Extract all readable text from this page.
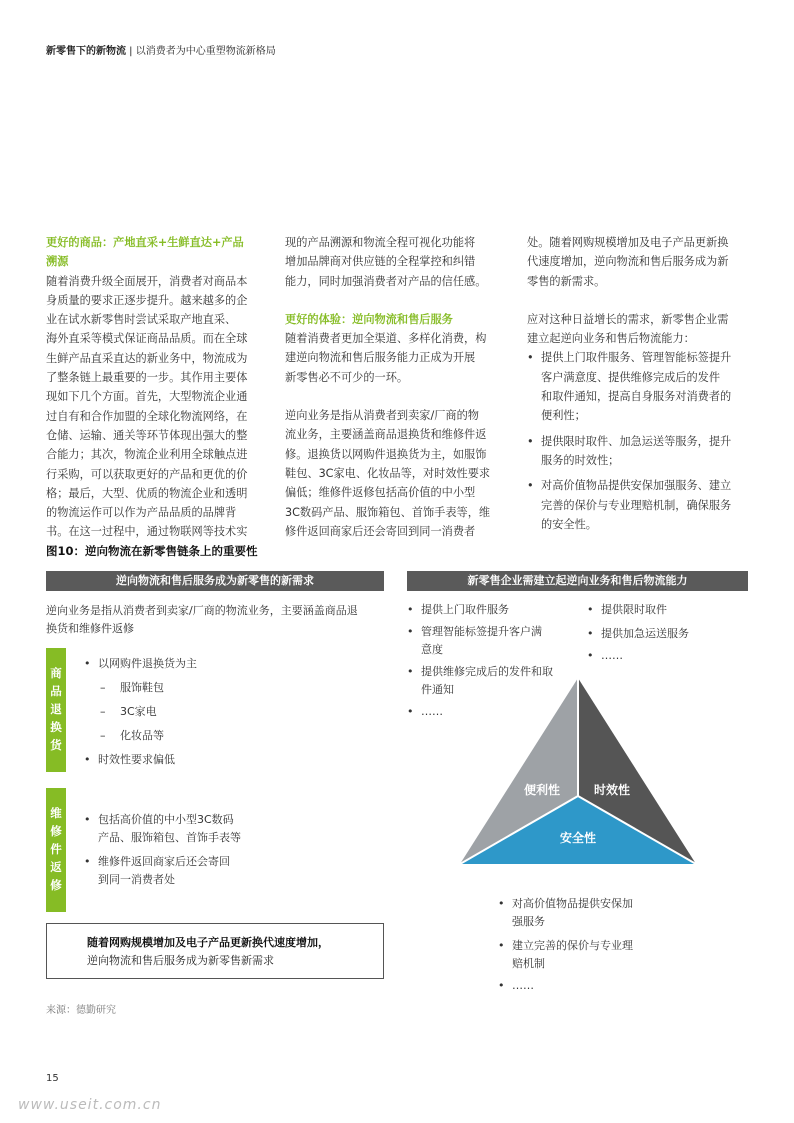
新零售下的新物流 | 以消费者为中心重塑物流新格局

更好的商品：产地直采+生鲜直达+产品
溯源

随着消费升级全面展开，消费者对商品本

身质量的要求正逐步提升。越来越多的企

业在试水新零售时尝试采取产地直采、

海外直采等模式保证商品品质。而在全球

生鲜产品直采直达的新业务中，物流成为

了整条链上最重要的一步。其作用主要体

现如下几个方面。首先，大型物流企业通

过自有和合作加盟的全球化物流网络，在

仓储、运输、通关等环节体现出强大的整

合能力；其次，物流企业利用全球触点进

行采购，可以获取更好的产品和更优的价

格；最后，大型、优质的物流企业和透明

的物流运作可以作为产品品质的品牌背

书。在这一过程中，通过物联网等技术实

现的产品溯源和物流全程可视化功能将

增加品牌商对供应链的全程掌控和纠错

能力，同时加强消费者对产品的信任感。

更好的体验：逆向物流和售后服务

随着消费者更加全渠道、多样化消费，构

建逆向物流和售后服务能力正成为开展

新零售必不可少的一环。

逆向业务是指从消费者到卖家/厂商的物

流业务，主要涵盖商品退换货和维修件返

修。退换货以网购件退换货为主，如服饰

鞋包、3C家电、化妆品等，对时效性要求

偏低；维修件返修包括高价值的中小型

3C数码产品、服饰箱包、首饰手表等，维

修件返回商家后还会寄回到同一消费者

处。随着网购规模增加及电子产品更新换

代速度增加，逆向物流和售后服务成为新

零售的新需求。

应对这种日益增长的需求，新零售企业需

建立起逆向业务和售后物流能力：

• 提供上门取件服务、管理智能标签提升
客户满意度、提供维修完成后的发件
和取件通知，提高自身服务对消费者的
便利性；
• 提供限时取件、加急运送等服务，提升
服务的时效性；
• 对高价值物品提供安保加强服务、建立
完善的保价与专业理赔机制，确保服务
的安全性。
图10：逆向物流在新零售链条上的重要性
逆向物流和售后服务成为新零售的新需求	新零售企业需建立起逆向业务和售后物流能力
逆向业务是指从消费者到卖家/厂商的物流业务，主要涵盖商品退
换货和维修件返修
商
品
退
换
货
维
修
件
返
修
• 以网购件退换货为主
– 服饰鞋包
– 3C家电
– 化妆品等
• 时效性要求偏低
• 包括高价值的中小型3C数码
产品、服饰箱包、首饰手表等
• 维修件返回商家后还会寄回
到同一消费者处
随着网购规模增加及电子产品更新换代速度增加，
逆向物流和售后服务成为新零售新需求
• 提供上门取件服务
• 管理智能标签提升客户满
意度
• 提供维修完成后的发件和取
件通知
• ……
• 提供限时取件
• 提供加急运送服务
• ……
便利性	时效性
安全性
• 对高价值物品提供安保加
强服务
• 建立完善的保价与专业理
赔机制
• ……
来源：德勤研究
15
www.useit.com.cn
